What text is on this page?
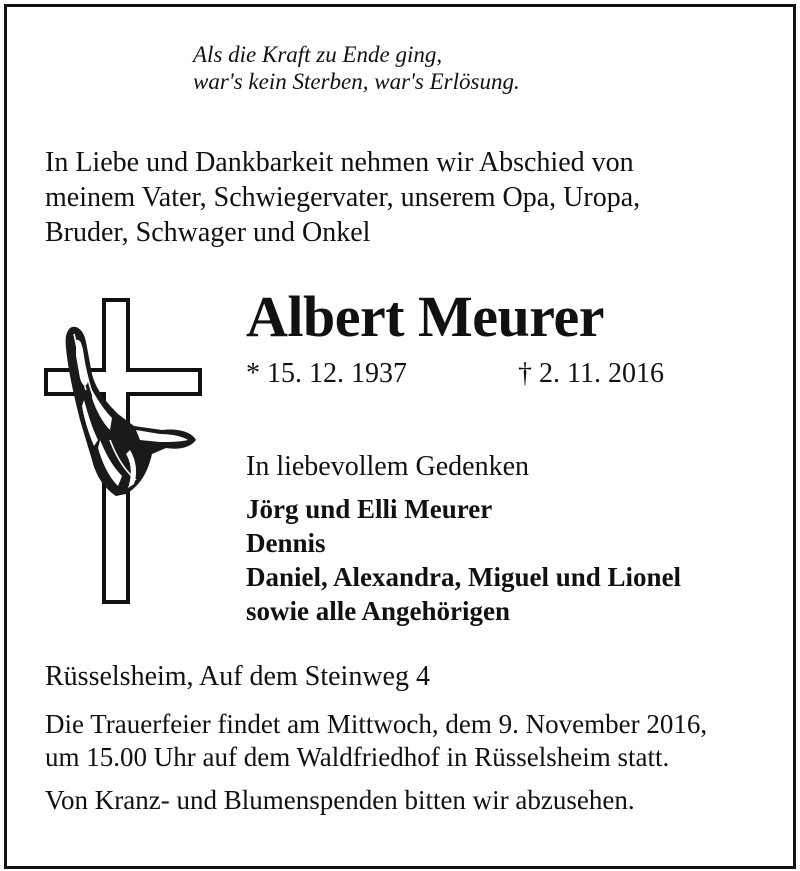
Als die Kraft zu Ende ging,
war's kein Sterben, war's Erlösung.
In Liebe und Dankbarkeit nehmen wir Abschied von
meinem Vater, Schwiegervater, unserem Opa, Uropa,
Bruder, Schwager und Onkel
Albert Meurer
* 15. 12. 1937	† 2. 11. 2016
In liebevollem Gedenken
Jörg und Elli Meurer
Dennis
Daniel, Alexandra, Miguel und Lionel
sowie alle Angehörigen
Rüsselsheim, Auf dem Steinweg 4
Die Trauerfeier findet am Mittwoch, dem 9. November 2016,
um 15.00 Uhr auf dem Waldfriedhof in Rüsselsheim statt.
Von Kranz- und Blumenspenden bitten wir abzusehen.
